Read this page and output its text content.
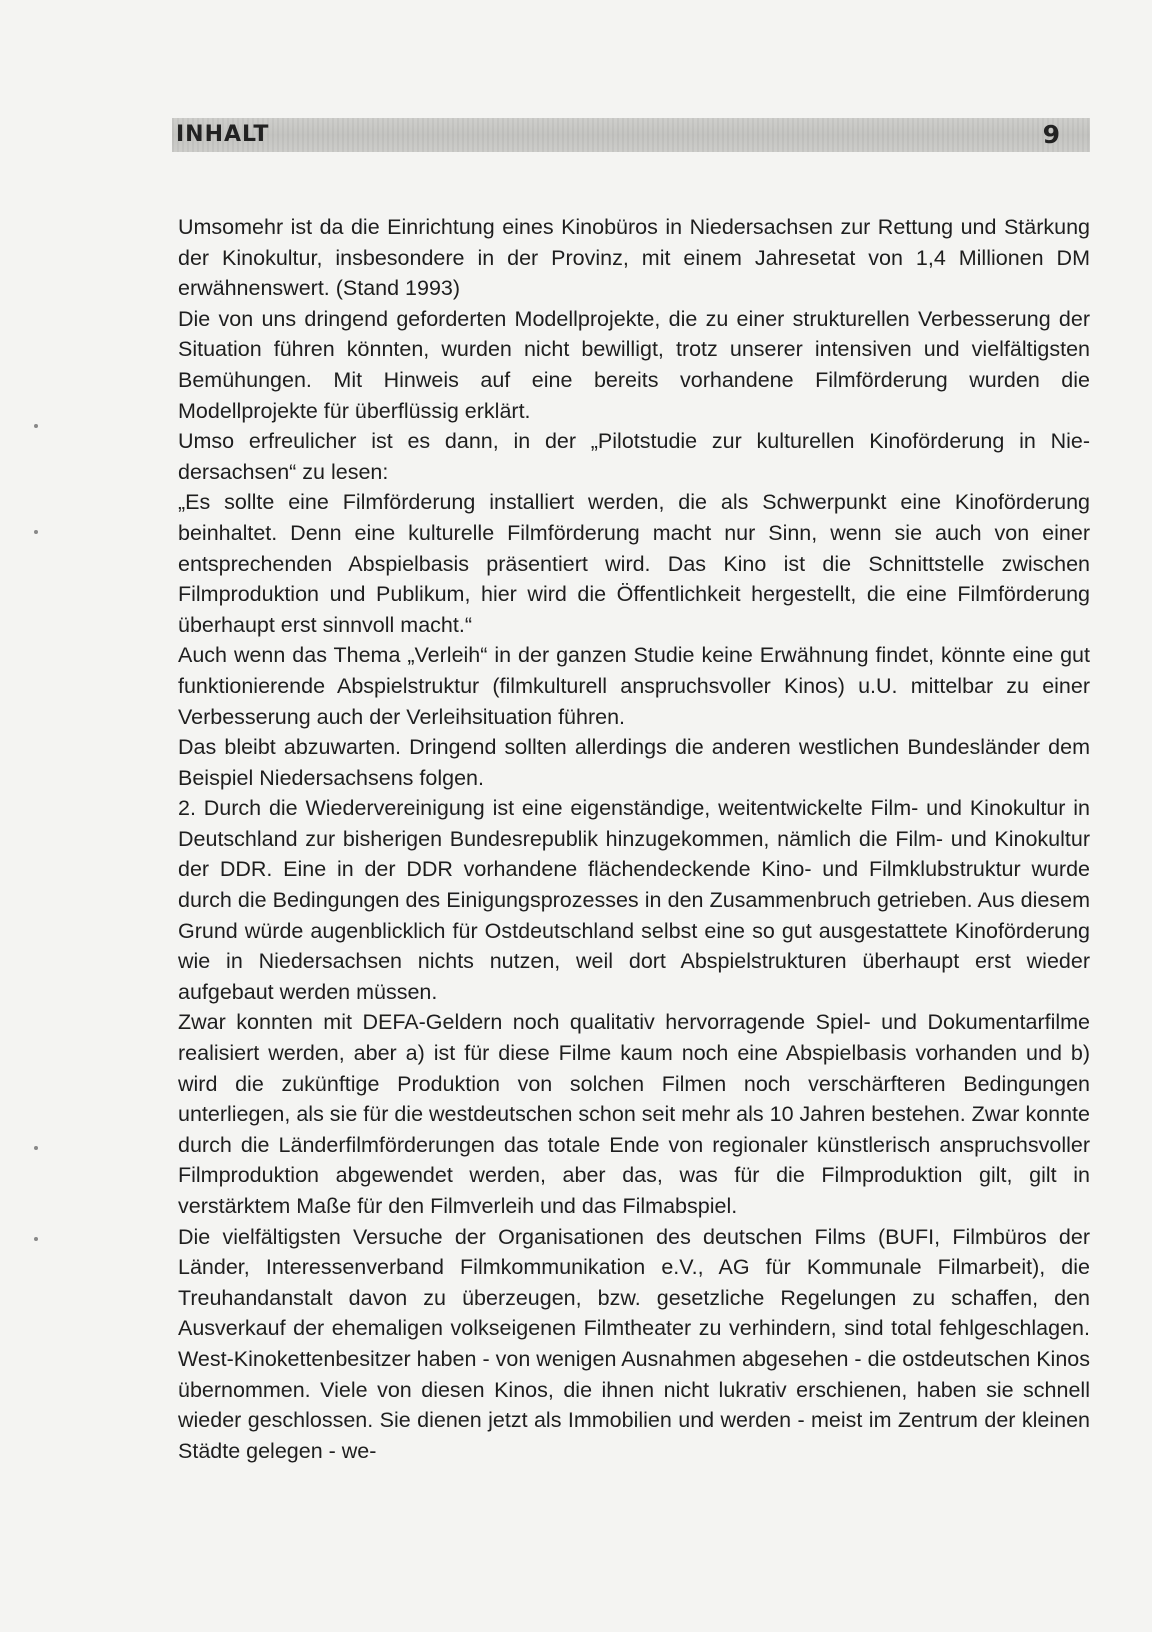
INHALT	9

Umsomehr ist da die Einrichtung eines Kinobüros in Niedersachsen zur Rettung und Stärkung der Kinokultur, insbesondere in der Provinz, mit einem Jahresetat von 1,4 Millionen DM erwähnenswert. (Stand 1993)

Die von uns dringend geforderten Modellprojekte, die zu einer strukturellen Verbesserung der Situation führen könnten, wurden nicht bewilligt, trotz unserer intensiven und vielfältigsten Bemühungen. Mit Hinweis auf eine bereits vorhandene Filmförderung wurden die Modellprojekte für überflüssig erklärt.

Umso erfreulicher ist es dann, in der „Pilotstudie zur kulturellen Kinoförderung in Niedersachsen“ zu lesen:

„Es sollte eine Filmförderung installiert werden, die als Schwerpunkt eine Kinoförderung beinhaltet. Denn eine kulturelle Filmförderung macht nur Sinn, wenn sie auch von einer entsprechenden Abspielbasis präsentiert wird. Das Kino ist die Schnittstelle zwischen Filmproduktion und Publikum, hier wird die Öffentlichkeit hergestellt, die eine Filmförderung überhaupt erst sinnvoll macht.“

Auch wenn das Thema „Verleih“ in der ganzen Studie keine Erwähnung findet, könnte eine gut funktionierende Abspielstruktur (filmkulturell anspruchsvoller Kinos) u.U. mittelbar zu einer Verbesserung auch der Verleihsituation führen.

Das bleibt abzuwarten. Dringend sollten allerdings die anderen westlichen Bundesländer dem Beispiel Niedersachsens folgen.

2. Durch die Wiedervereinigung ist eine eigenständige, weitentwickelte Film- und Kinokultur in Deutschland zur bisherigen Bundesrepublik hinzugekommen, nämlich die Film- und Kinokultur der DDR. Eine in der DDR vorhandene flächendeckende Kino- und Filmklubstruktur wurde durch die Bedingungen des Einigungsprozesses in den Zusammenbruch getrieben. Aus diesem Grund würde augenblicklich für Ostdeutschland selbst eine so gut ausgestattete Kinoförderung wie in Niedersachsen nichts nutzen, weil dort Abspielstrukturen überhaupt erst wieder aufgebaut werden müssen.

Zwar konnten mit DEFA-Geldern noch qualitativ hervorragende Spiel- und Dokumentarfilme realisiert werden, aber a) ist für diese Filme kaum noch eine Abspielbasis vorhanden und b) wird die zukünftige Produktion von solchen Filmen noch verschärfteren Bedingungen unterliegen, als sie für die westdeutschen schon seit mehr als 10 Jahren bestehen. Zwar konnte durch die Länderfilmförderungen das totale Ende von regionaler künstlerisch anspruchsvoller Filmproduktion abgewendet werden, aber das, was für die Filmproduktion gilt, gilt in verstärktem Maße für den Filmverleih und das Filmabspiel.

Die vielfältigsten Versuche der Organisationen des deutschen Films (BUFI, Filmbüros der Länder, Interessenverband Filmkommunikation e.V., AG für Kommunale Filmarbeit), die Treuhandanstalt davon zu überzeugen, bzw. gesetzliche Regelungen zu schaffen, den Ausverkauf der ehemaligen volkseigenen Filmtheater zu verhindern, sind total fehlgeschlagen. West-Kinokettenbesitzer haben - von wenigen Ausnahmen abgesehen - die ostdeutschen Kinos übernommen. Viele von diesen Kinos, die ihnen nicht lukrativ erschienen, haben sie schnell wieder geschlossen. Sie dienen jetzt als Immobilien und werden - meist im Zentrum der kleinen Städte gelegen - we-
